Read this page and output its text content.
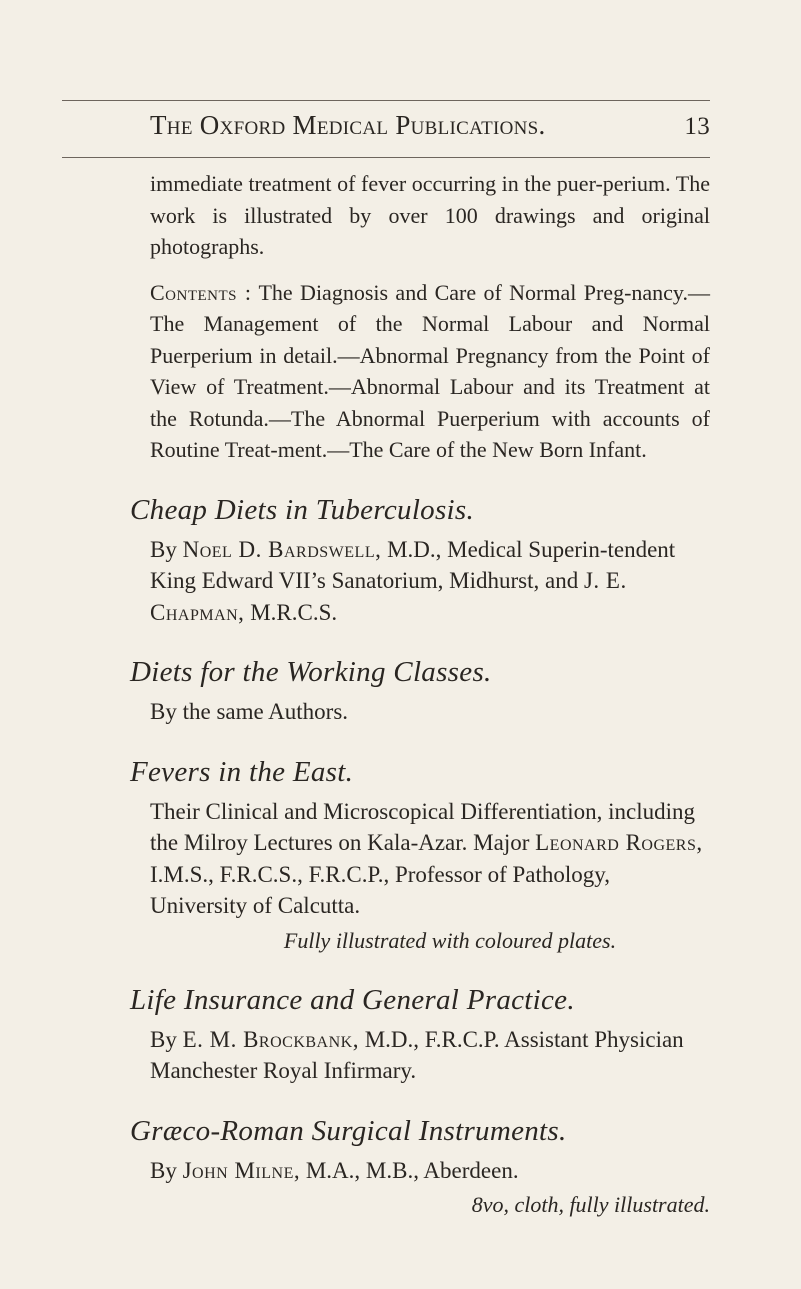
The Oxford Medical Publications.	13

immediate treatment of fever occurring in the puer-perium. The work is illustrated by over 100 drawings and original photographs.

Contents : The Diagnosis and Care of Normal Preg-nancy.—The Management of the Normal Labour and Normal Puerperium in detail.—Abnormal Pregnancy from the Point of View of Treatment.—Abnormal Labour and its Treatment at the Rotunda.—The Abnormal Puerperium with accounts of Routine Treat-ment.—The Care of the New Born Infant.

Cheap Diets in Tuberculosis.

By Noel D. Bardswell, M.D., Medical Superin-tendent King Edward VII’s Sanatorium, Midhurst, and J. E. Chapman, M.R.C.S.

Diets for the Working Classes.

By the same Authors.

Fevers in the East.

Their Clinical and Microscopical Differentiation, including the Milroy Lectures on Kala-Azar. Major Leonard Rogers, I.M.S., F.R.C.S., F.R.C.P., Professor of Pathology, University of Calcutta.

Fully illustrated with coloured plates.

Life Insurance and General Practice.

By E. M. Brockbank, M.D., F.R.C.P. Assistant Physician Manchester Royal Infirmary.

Græco-Roman Surgical Instruments.

By John Milne, M.A., M.B., Aberdeen.

8vo, cloth, fully illustrated.
